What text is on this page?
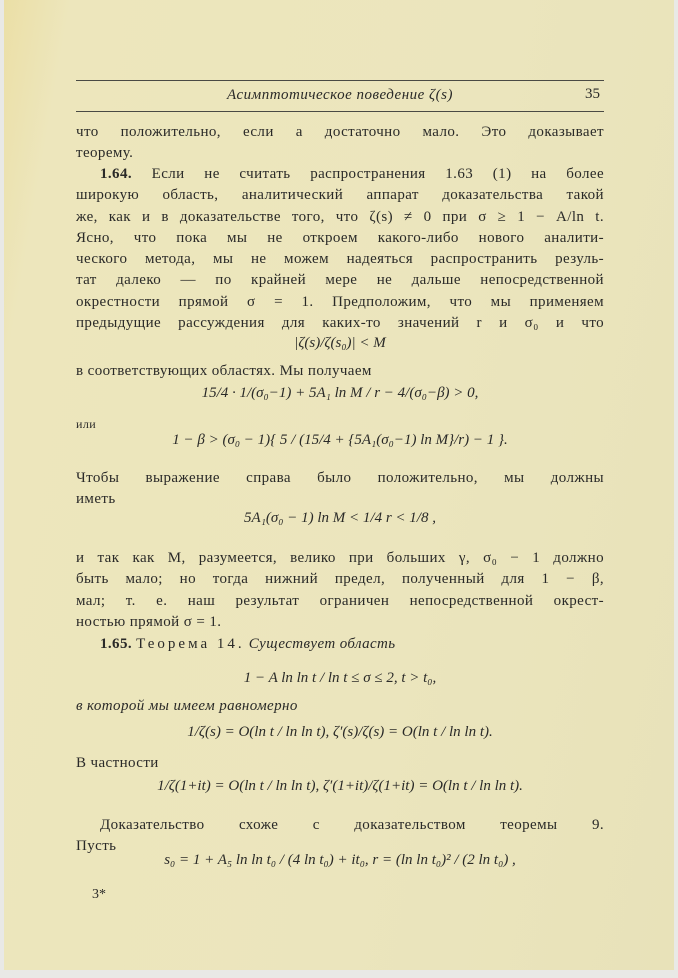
Асимптотическое поведение ζ(s)	35
что положительно, если a достаточно мало. Это доказывает
теорему.
1.64. Если не считать распространения 1.63 (1) на более
широкую область, аналитический аппарат доказательства такой
же, как и в доказательстве того, что ζ(s) ≠ 0 при σ ≥ 1 − A/ln t.
Ясно, что пока мы не откроем какого-либо нового аналити-
ческого метода, мы не можем надеяться распространить резуль-
тат далеко — по крайней мере не дальше непосредственной
окрестности прямой σ = 1. Предположим, что мы применяем
предыдущие рассуждения для каких-то значений r и σ₀ и что
|ζ(s)/ζ(s₀)| < M
в соответствующих областях. Мы получаем
15/4 · 1/(σ₀−1) + 5A₁ ln M / r − 4/(σ₀−β) > 0,
или
1 − β > (σ₀ − 1){ 5 / (15/4 + {5A₁(σ₀−1) ln M}/r) − 1 }.
Чтобы выражение справа было положительно, мы должны
иметь
5A₁(σ₀ − 1) ln M < 1/4 r < 1/8 ,
и так как M, разумеется, велико при больших γ, σ₀ − 1 должно
быть мало; но тогда нижний предел, полученный для 1 − β,
мал; т. е. наш результат ограничен непосредственной окрест-
ностью прямой σ = 1.
1.65. Теорема 14. Существует область
1 − A ln ln t / ln t ≤ σ ≤ 2, t > t₀,
в которой мы имеем равномерно
1/ζ(s) = O(ln t / ln ln t), ζ′(s)/ζ(s) = O(ln t / ln ln t).
В частности
1/ζ(1+it) = O(ln t / ln ln t), ζ′(1+it)/ζ(1+it) = O(ln t / ln ln t).
Доказательство схоже с доказательством теоремы 9.
Пусть
s₀ = 1 + A₅ ln ln t₀ / (4 ln t₀) + it₀, r = (ln ln t₀)² / (2 ln t₀) ,
3*
